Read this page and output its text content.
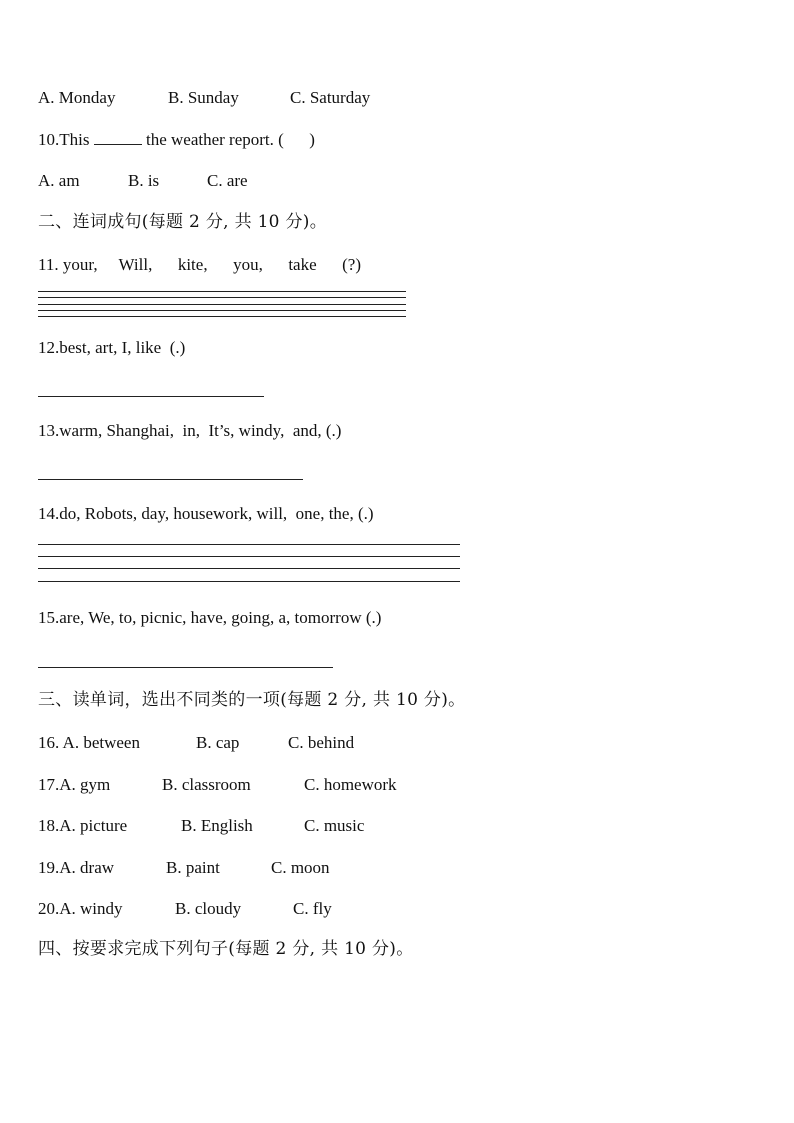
A. Monday	B. Sunday	C. Saturday
10.This	the weather report. (      )
A. am	B. is	C. are
二、连词成句(每题 2 分, 共 10 分)。
11. your,     Will,      kite,      you,      take      (?)
12.best, art, I, like  (.)
13.warm, Shanghai,  in,  It’s, windy,  and, (.)
14.do, Robots, day, housework, will,  one, the, (.)
15.are, We, to, picnic, have, going, a, tomorrow (.)
三、读单词，选出不同类的一项(每题 2 分, 共 10 分)。
16. A. between	B. cap	C. behind
17.A. gym	B. classroom	C. homework
18.A. picture	B. English	C. music
19.A. draw	B. paint	C. moon
20.A. windy	B. cloudy	C. fly
四、按要求完成下列句子(每题 2 分, 共 10 分)。
